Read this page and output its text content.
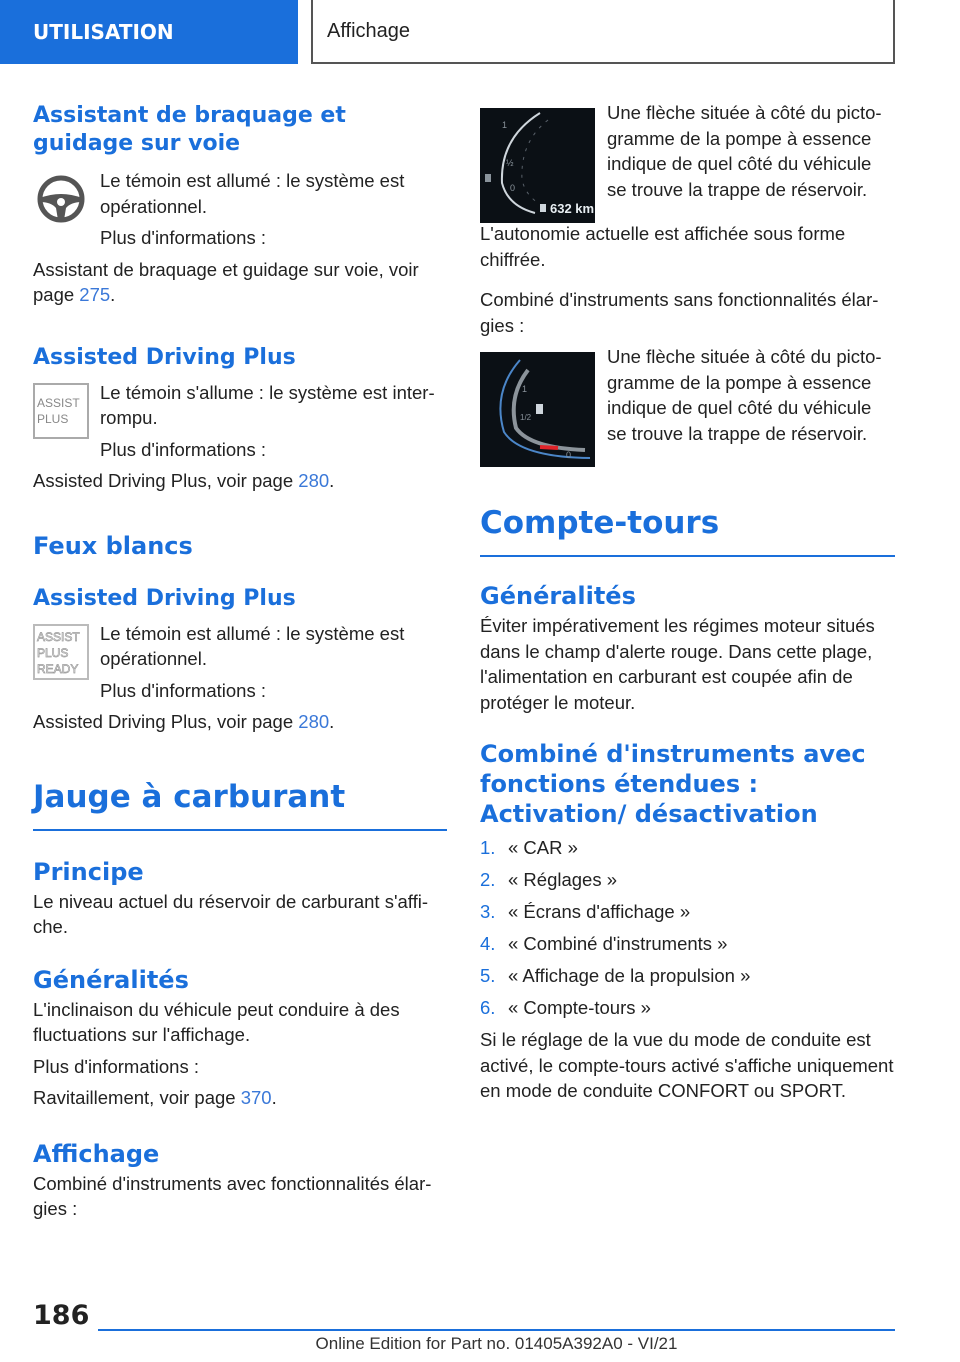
UTILISATION	Affichage
Assistant de braquage et guidage sur voie

Le témoin est allumé : le système est opérationnel.

Plus d'informations :

Assistant de braquage et guidage sur voie, voir page 275.

Assisted Driving Plus
ASSIST
PLUS

Le témoin s'allume : le système est interrompu.

Plus d'informations :

Assisted Driving Plus, voir page 280.

Feux blancs
Assisted Driving Plus
ASSIST
PLUS
READY

Le témoin est allumé : le système est opérationnel.

Plus d'informations :

Assisted Driving Plus, voir page 280.

Jauge à carburant
Principe

Le niveau actuel du réservoir de carburant s'affiche.

Généralités

L'inclinaison du véhicule peut conduire à des fluctuations sur l'affichage.

Plus d'informations :

Ravitaillement, voir page 370.

Affichage

Combiné d'instruments avec fonctionnalités élargies :

1
½
0
632 km

Une flèche située à côté du pictogramme de la pompe à essence indique de quel côté du véhicule se trouve la trappe de réservoir.

L'autonomie actuelle est affichée sous forme chiffrée.

Combiné d'instruments sans fonctionnalités élargies :

1
1/2
0

Une flèche située à côté du pictogramme de la pompe à essence indique de quel côté du véhicule se trouve la trappe de réservoir.

Compte-tours
Généralités

Éviter impérativement les régimes moteur situés dans le champ d'alerte rouge. Dans cette plage, l'alimentation en carburant est coupée afin de protéger le moteur.

Combiné d'instruments avec fonctions étendues : Activation/ désactivation
1. « CAR »
2. « Réglages »
3. « Écrans d'affichage »
4. « Combiné d'instruments »
5. « Affichage de la propulsion »
6. « Compte-tours »

Si le réglage de la vue du mode de conduite est activé, le compte-tours activé s'affiche uniquement en mode de conduite CONFORT ou SPORT.

186
Online Edition for Part no. 01405A392A0 - VI/21
